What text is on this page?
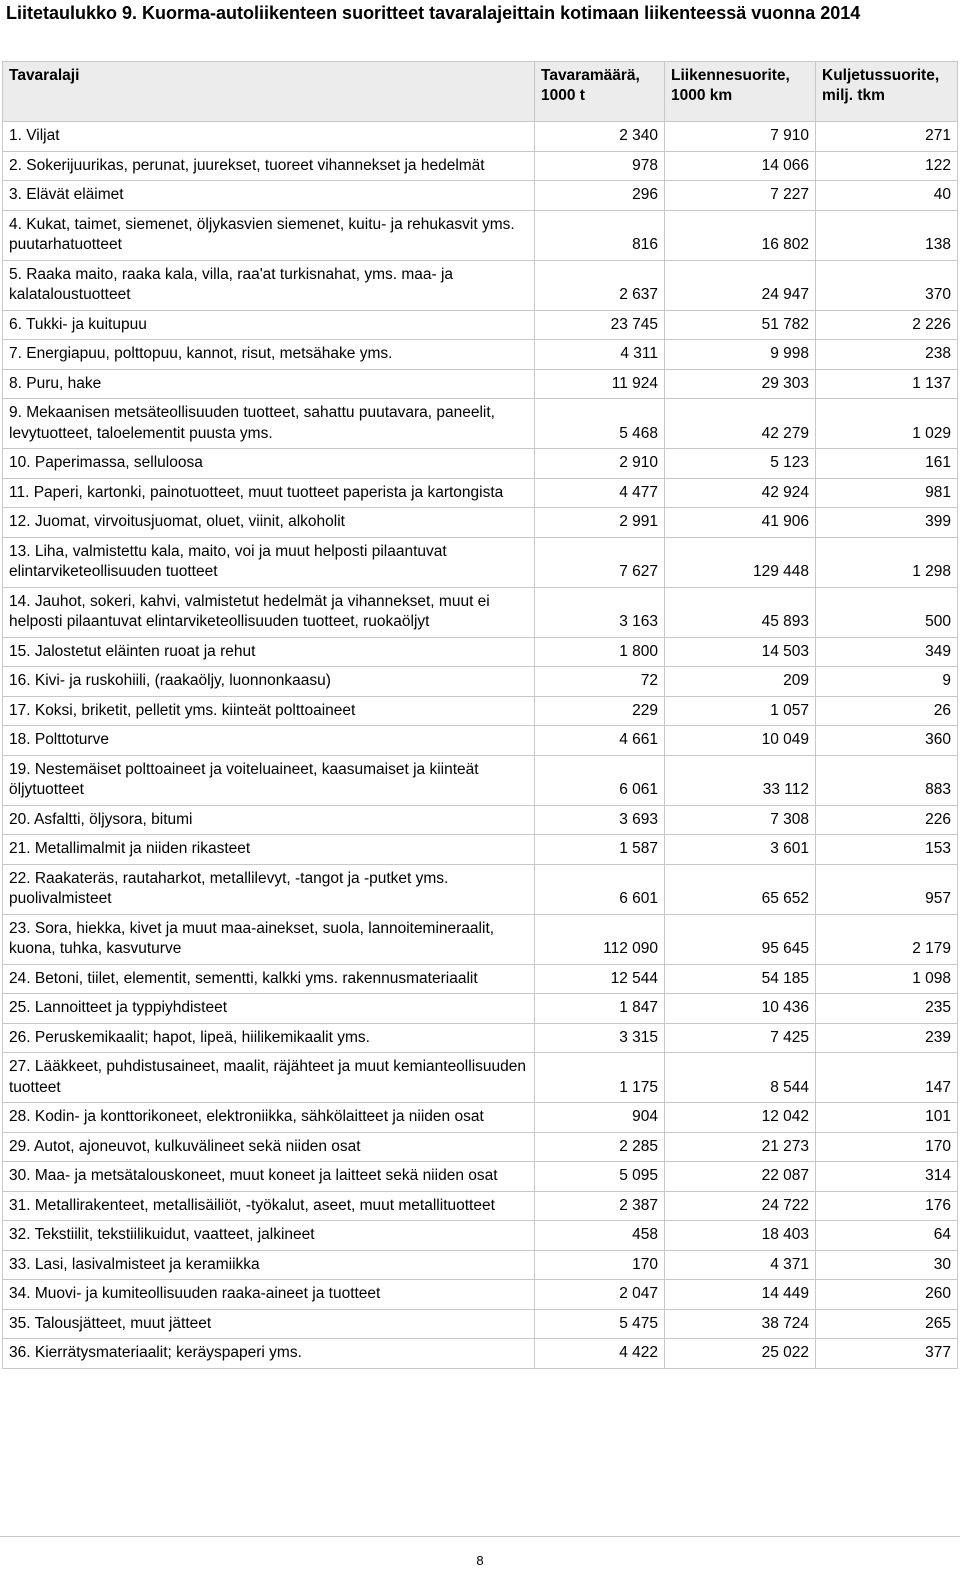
Liitetaulukko 9. Kuorma-autoliikenteen suoritteet tavaralajeittain kotimaan liikenteessä vuonna 2014
Tavaralaji	Tavaramäärä, 1000 t	Liikennesuorite, 1000 km	Kuljetussuorite, milj. tkm
1. Viljat	2 340	7 910	271
2. Sokerijuurikas, perunat, juurekset, tuoreet vihannekset ja hedelmät	978	14 066	122
3. Elävät eläimet	296	7 227	40
4. Kukat, taimet, siemenet, öljykasvien siemenet, kuitu- ja rehukasvit yms. puutarhatuotteet	816	16 802	138
5. Raaka maito, raaka kala, villa, raa'at turkisnahat, yms. maa- ja kalataloustuotteet	2 637	24 947	370
6. Tukki- ja kuitupuu	23 745	51 782	2 226
7. Energiapuu, polttopuu, kannot, risut, metsähake yms.	4 311	9 998	238
8. Puru, hake	11 924	29 303	1 137
9. Mekaanisen metsäteollisuuden tuotteet, sahattu puutavara, paneelit, levytuotteet, taloelementit puusta yms.	5 468	42 279	1 029
10. Paperimassa, selluloosa	2 910	5 123	161
11. Paperi, kartonki, painotuotteet, muut tuotteet paperista ja kartongista	4 477	42 924	981
12. Juomat, virvoitusjuomat, oluet, viinit, alkoholit	2 991	41 906	399
13. Liha, valmistettu kala, maito, voi ja muut helposti pilaantuvat elintarviketeollisuuden tuotteet	7 627	129 448	1 298
14. Jauhot, sokeri, kahvi, valmistetut hedelmät ja vihannekset, muut ei helposti pilaantuvat elintarviketeollisuuden tuotteet, ruokaöljyt	3 163	45 893	500
15. Jalostetut eläinten ruoat ja rehut	1 800	14 503	349
16. Kivi- ja ruskohiili, (raakaöljy, luonnonkaasu)	72	209	9
17. Koksi, briketit, pelletit yms. kiinteät polttoaineet	229	1 057	26
18. Polttoturve	4 661	10 049	360
19. Nestemäiset polttoaineet ja voiteluaineet, kaasumaiset ja kiinteät öljytuotteet	6 061	33 112	883
20. Asfaltti, öljysora, bitumi	3 693	7 308	226
21. Metallimalmit ja niiden rikasteet	1 587	3 601	153
22. Raakateräs, rautaharkot, metallilevyt, -tangot ja -putket yms. puolivalmisteet	6 601	65 652	957
23. Sora, hiekka, kivet ja muut maa-ainekset, suola, lannoitemineraalit, kuona, tuhka, kasvuturve	112 090	95 645	2 179
24. Betoni, tiilet, elementit, sementti, kalkki yms. rakennusmateriaalit	12 544	54 185	1 098
25. Lannoitteet ja typpiyhdisteet	1 847	10 436	235
26. Peruskemikaalit; hapot, lipeä, hiilikemikaalit yms.	3 315	7 425	239
27. Lääkkeet, puhdistusaineet, maalit, räjähteet ja muut kemianteollisuuden tuotteet	1 175	8 544	147
28. Kodin- ja konttorikoneet, elektroniikka, sähkölaitteet ja niiden osat	904	12 042	101
29. Autot, ajoneuvot, kulkuvälineet sekä niiden osat	2 285	21 273	170
30. Maa- ja metsätalouskoneet, muut koneet ja laitteet sekä niiden osat	5 095	22 087	314
31. Metallirakenteet, metallisäiliöt, -työkalut, aseet, muut metallituotteet	2 387	24 722	176
32. Tekstiilit, tekstiilikuidut, vaatteet, jalkineet	458	18 403	64
33. Lasi, lasivalmisteet ja keramiikka	170	4 371	30
34. Muovi- ja kumiteollisuuden raaka-aineet ja tuotteet	2 047	14 449	260
35. Talousjätteet, muut jätteet	5 475	38 724	265
36. Kierrätysmateriaalit; keräyspaperi yms.	4 422	25 022	377
8
